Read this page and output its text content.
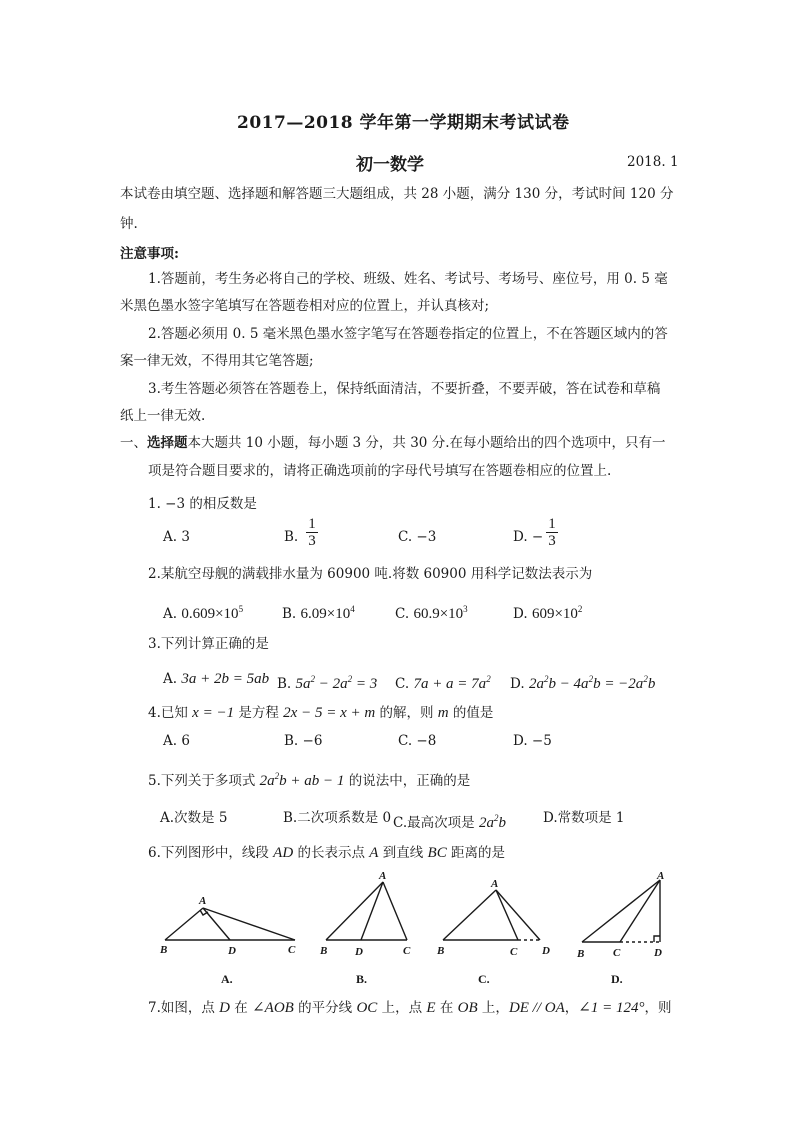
2017—2018 学年第一学期期末考试试卷
初一数学	2018. 1
本试卷由填空题、选择题和解答题三大题组成，共 28 小题，满分 130 分，考试时间 120 分
钟.
注意事项:
1.答题前，考生务必将自己的学校、班级、姓名、考试号、考场号、座位号，用 0. 5 毫
米黑色墨水签字笔填写在答题卷相对应的位置上，并认真核对;
2.答题必须用 0. 5 毫米黑色墨水签字笔写在答题卷指定的位置上，不在答题区域内的答
案一律无效，不得用其它笔答题;
3.考生答题必须答在答题卷上，保持纸面清洁，不要折叠，不要弄破，答在试卷和草稿
纸上一律无效.
一、选择题本大题共 10 小题，每小题 3 分，共 30 分.在每小题给出的四个选项中，只有一
项是符合题目要求的，请将正确选项前的字母代号填写在答题卷相应的位置上.
1. −3 的相反数是
A. 3	B.
1
3	C. −3	D. −
1
3
2.某航空母舰的满载排水量为 60900 吨.将数 60900 用科学记数法表示为
A. $0.609\times 10^5$	B. $6.09\times 10^4$	C. $60.9\times 10^3$	D. $609\times 10^2$
3.下列计算正确的是
A. 3a + 2b = 5ab B. $5a^2 - 2a^2 = 3$ C. $7a + a = 7a^2$ D. $2a^2b - 4a^2b = -2a^2b$
4.已知 x = −1 是方程 2x − 5 = x + m 的解，则 m 的值是
A. 6	B. −6	C. −8	D. −5
5.下列关于多项式 $2a^2b$ + ab − 1 的说法中，正确的是
A.次数是 5	B.二次项系数是 0 C.最高次项是 $2a^2b$	D.常数项是 1
6.下列图形中，线段 AD 的长表示点 A 到直线 BC 距离的是
A
B	D	C
A
B	D	C
A
B	C D
A
B	C	D
A.	B.	C.	D.
7.如图，点 D 在 ∠AOB 的平分线 OC 上，点 E 在 OB 上，DE // OA，∠1 = 124°，则
